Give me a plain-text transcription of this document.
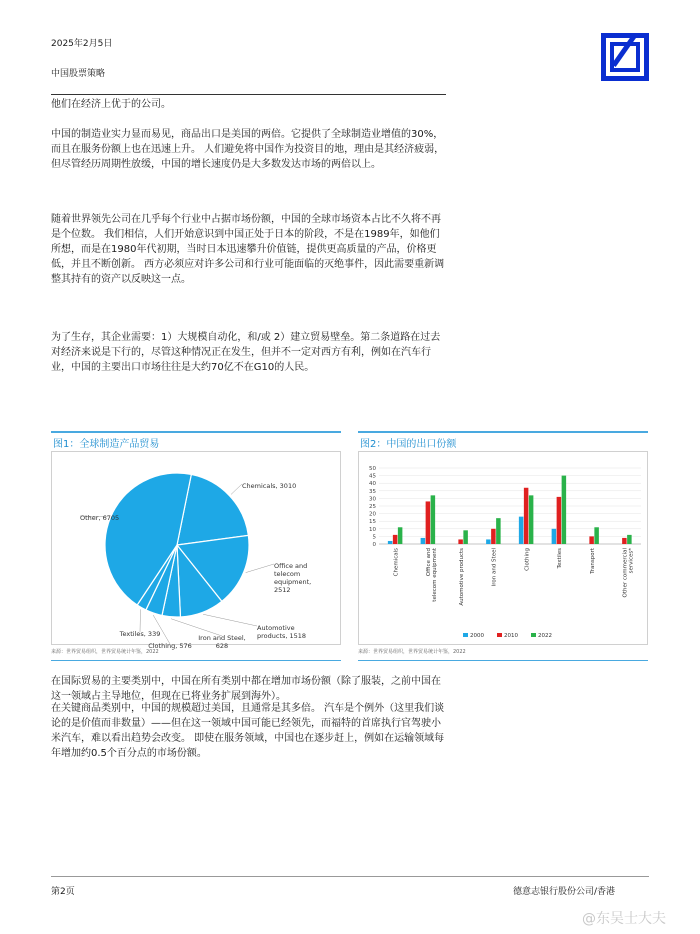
2025年2月5日
中国股票策略
他们在经济上优于的公司。
中国的制造业实力显而易见，商品出口是美国的两倍。它提供了全球制造业增值的30%，而且在服务份额上也在迅速上升。 人们避免将中国作为投资目的地，理由是其经济疲弱，但尽管经历周期性放缓，中国的增长速度仍是大多数发达市场的两倍以上。
随着世界领先公司在几乎每个行业中占据市场份额，中国的全球市场资本占比不久将不再是个位数。 我们相信，人们开始意识到中国正处于日本的阶段，不是在1989年，如他们所想，而是在1980年代初期，当时日本迅速攀升价值链，提供更高质量的产品，价格更低，并且不断创新。 西方必须应对许多公司和行业可能面临的灭绝事件，因此需要重新调整其持有的资产以反映这一点。
为了生存，其企业需要：1）大规模自动化，和/或 2）建立贸易壁垒。第二条道路在过去对经济来说是下行的，尽管这种情况正在发生，但并不一定对西方有利，例如在汽车行业，中国的主要出口市场往往是大约70亿不在G10的人民。
图1：全球制造产品贸易
Chemicals, 3010
Office and telecom equipment, 2512
Automotive products, 1518
Iron and Steel, 628
Clothing, 576
Textiles, 339
Other, 6705
来源：世界贸易组织，世界贸易统计年鉴，2022
图2：中国的出口份额
0
5
10
15
20
25
30
35
40
45
50
Chemicals	Office andtelecom equipment	Automotive products	Iron and Steel	Clothing	Textiles	Transport	Other commercialservices*
2000	2010	2022
来源：世界贸易组织，世界贸易统计年鉴，2022
在国际贸易的主要类别中，中国在所有类别中都在增加市场份额（除了服装，之前中国在这一领域占主导地位，但现在已将业务扩展到海外）。
在关键商品类别中，中国的规模超过美国，且通常是其多倍。 汽车是个例外（这里我们谈论的是价值而非数量）——但在这一领域中国可能已经领先，而福特的首席执行官驾驶小米汽车，难以看出趋势会改变。 即使在服务领域，中国也在逐步赶上，例如在运输领域每年增加约0.5个百分点的市场份额。
第2页	德意志银行股份公司/香港
@东吴士大夫
